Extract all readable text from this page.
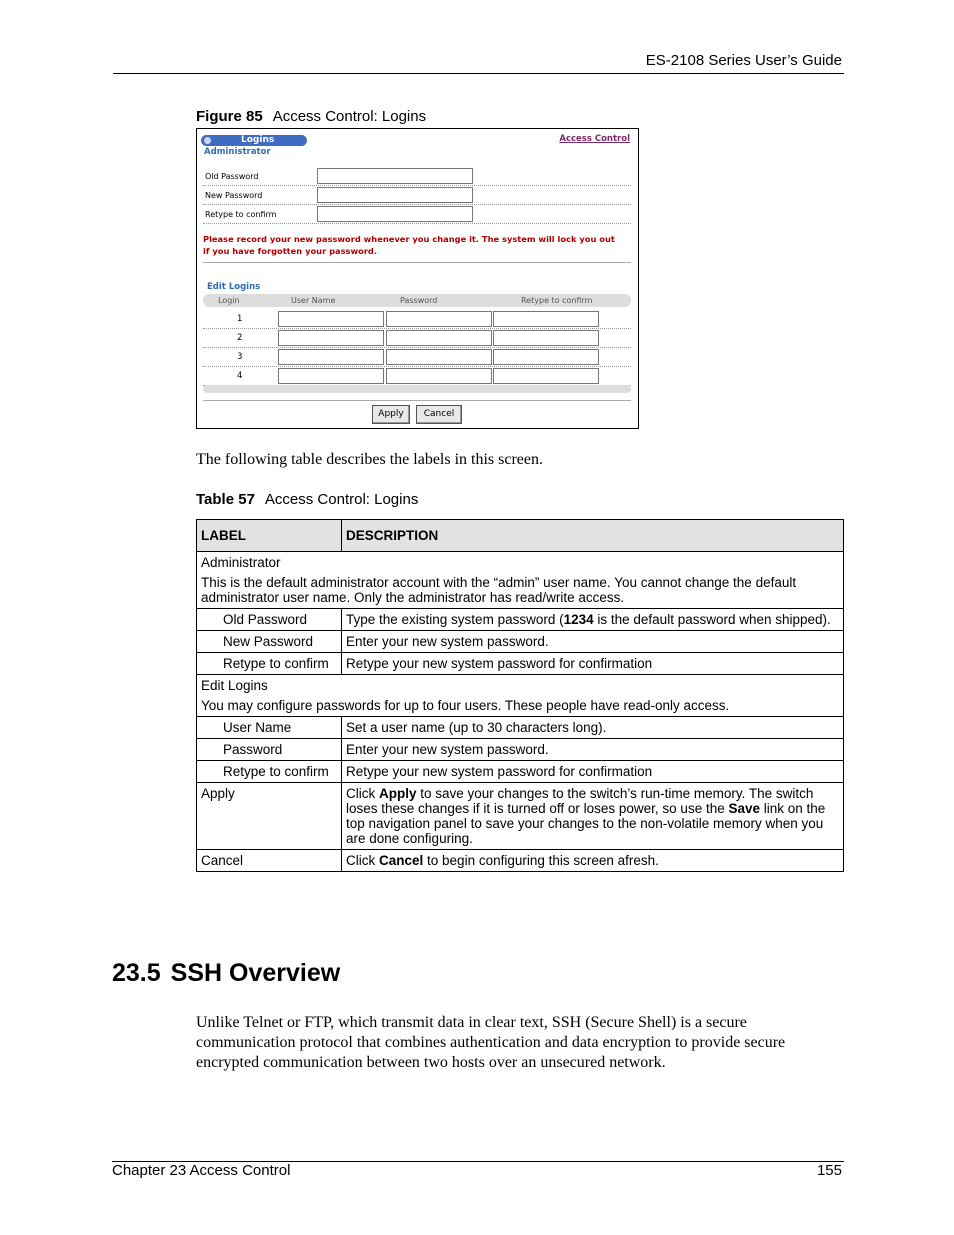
ES-2108 Series User’s Guide
Figure 85 Access Control: Logins
Logins	Access Control
Administrator
Old Password
New Password
Retype to confirm
Please record your new password whenever you change it. The system will lock you out
if you have forgotten your password.
Edit Logins
Login	User Name	Password	Retype to confirm
1
2
3
4
Apply	Cancel
The following table describes the labels in this screen.
Table 57 Access Control: Logins
LABEL	DESCRIPTION

Administrator

This is the default administrator account with the “admin” user name. You cannot change the default administrator user name. Only the administrator has read/write access.	

Old Password	Type the existing system password (1234 is the default password when shipped).
New Password	Enter your new system password.
Retype to confirm	Retype your new system password for confirmation

Edit Logins

You may configure passwords for up to four users. These people have read-only access.	

User Name	Set a user name (up to 30 characters long).
Password	Enter your new system password.
Retype to confirm	Retype your new system password for confirmation
Apply	Click Apply to save your changes to the switch’s run-time memory. The switch loses these changes if it is turned off or loses power, so use the Save link on the top navigation panel to save your changes to the non-volatile memory when you are done configuring.
Cancel	Click Cancel to begin configuring this screen afresh.
23.5 SSH Overview
Unlike Telnet or FTP, which transmit data in clear text, SSH (Secure Shell) is a secure communication protocol that combines authentication and data encryption to provide secure encrypted communication between two hosts over an unsecured network.
Chapter 23 Access Control	155
